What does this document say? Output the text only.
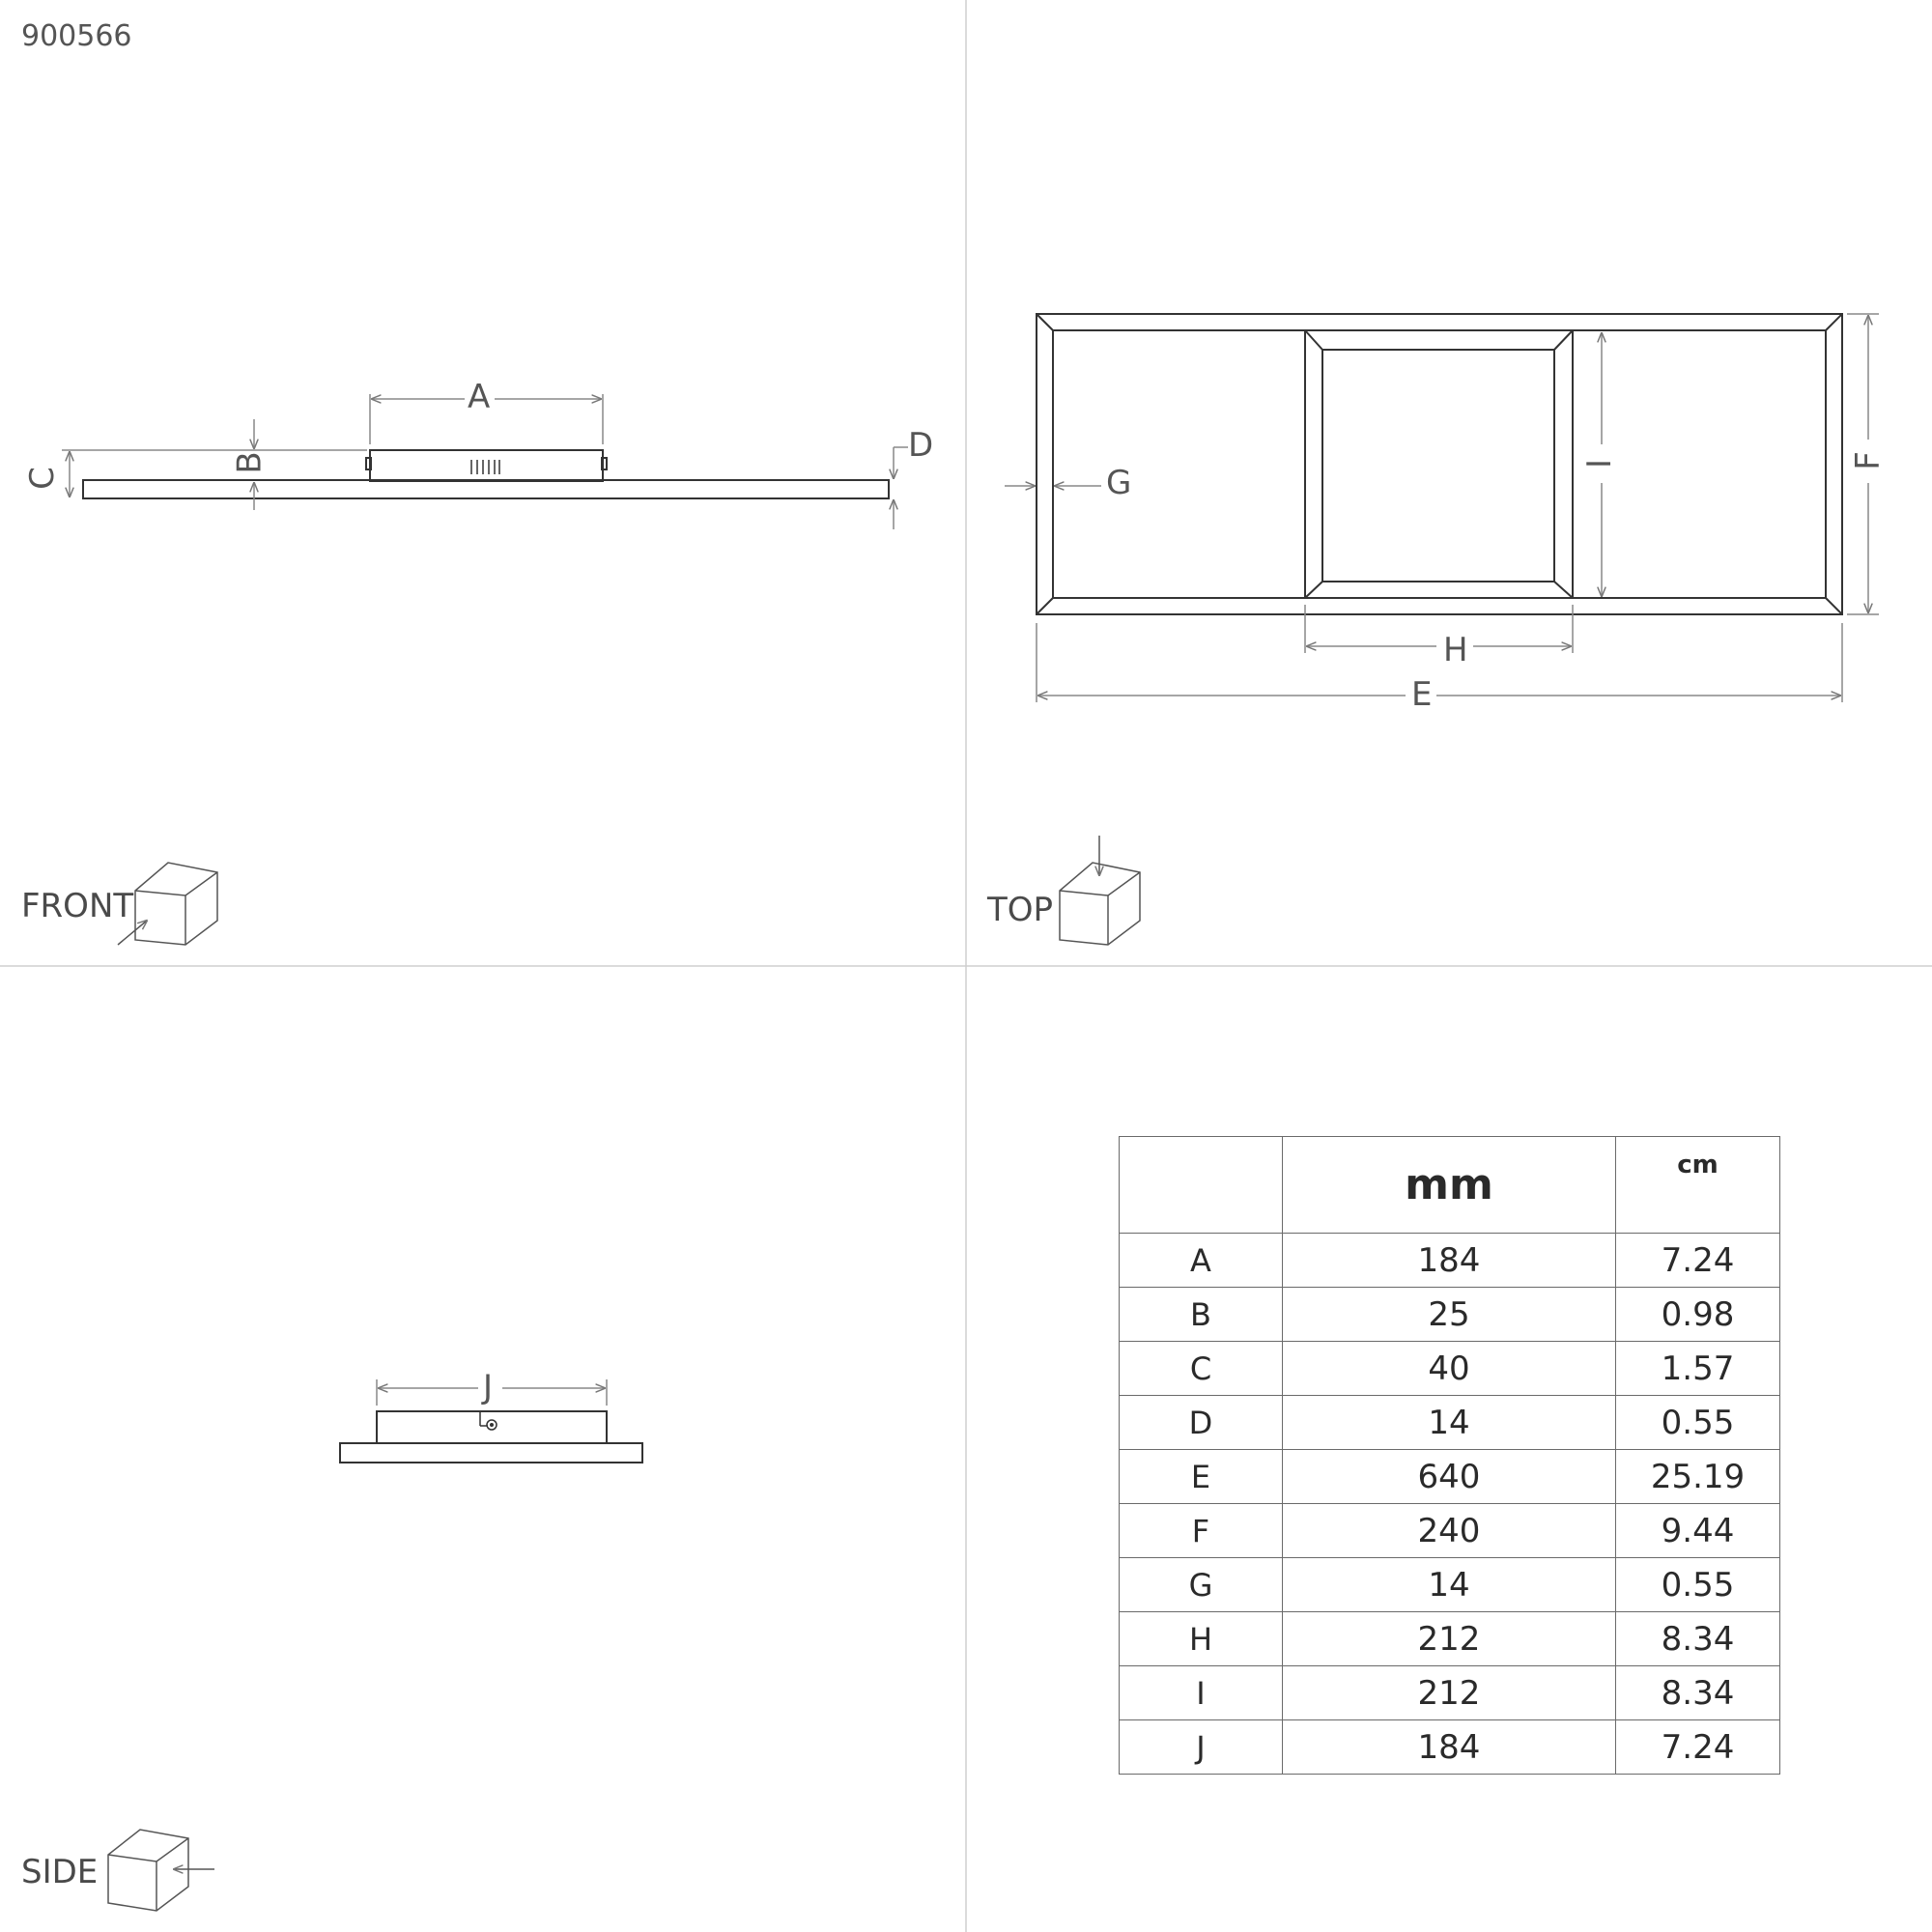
900566
FRONT	TOP
SIDE
A
B
C
D
E
F
G
H
I
J
	mm	cm
A	184	7.24
B	25	0.98
C	40	1.57
D	14	0.55
E	640	25.19
F	240	9.44
G	14	0.55
H	212	8.34
I	212	8.34
J	184	7.24
